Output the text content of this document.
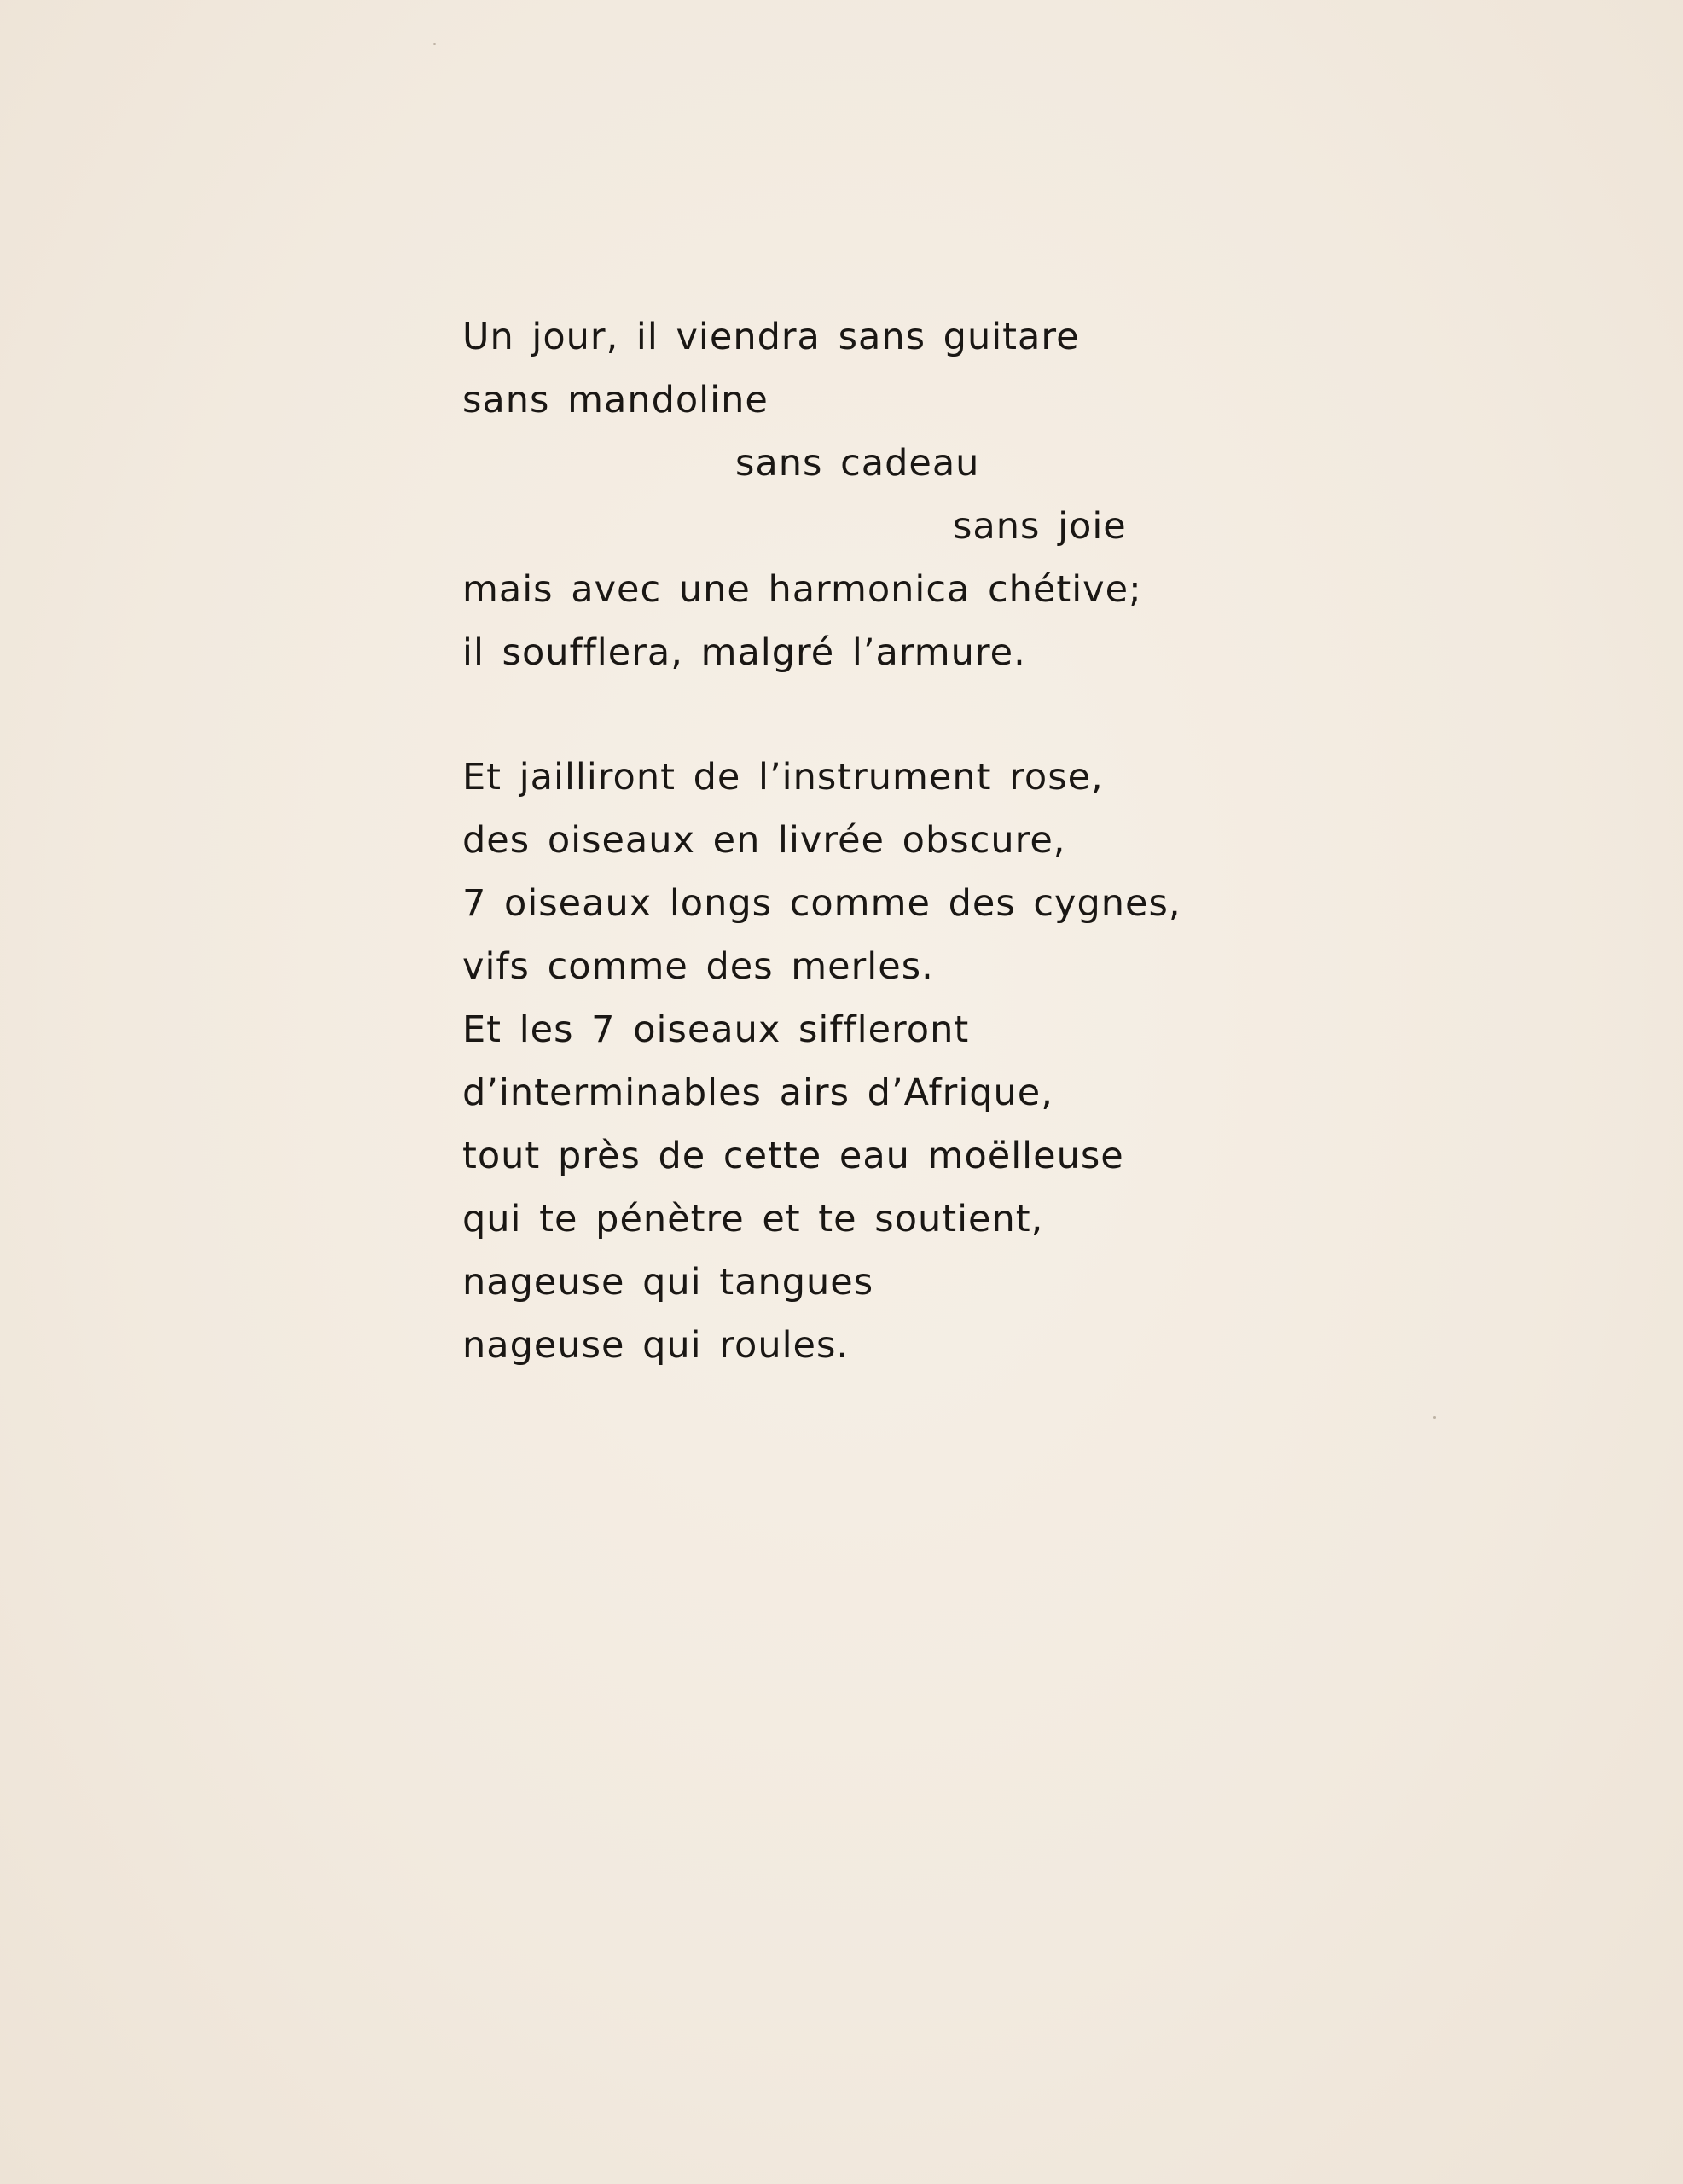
Un jour, il viendra sans guitare
sans mandoline
sans cadeau
sans joie
mais avec une harmonica chétive;
il soufflera, malgré l’armure.
Et jailliront de l’instrument rose,
des oiseaux en livrée obscure,
7 oiseaux longs comme des cygnes,
vifs comme des merles.
Et les 7 oiseaux siffleront
d’interminables airs d’Afrique,
tout près de cette eau moëlleuse
qui te pénètre et te soutient,
nageuse qui tangues
nageuse qui roules.
